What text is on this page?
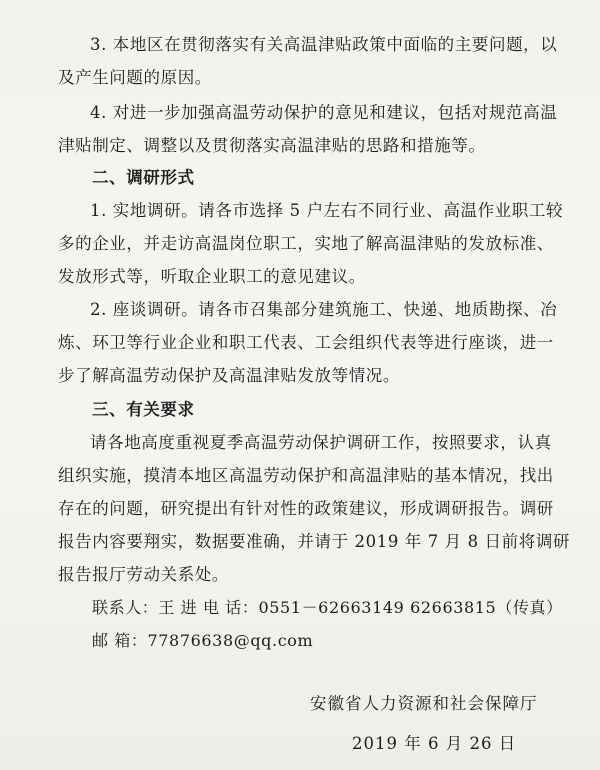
3. 本地区在贯彻落实有关高温津贴政策中面临的主要问题，以
及产生问题的原因。
4. 对进一步加强高温劳动保护的意见和建议，包括对规范高温
津贴制定、调整以及贯彻落实高温津贴的思路和措施等。
二、调研形式
1. 实地调研。请各市选择 5 户左右不同行业、高温作业职工较
多的企业，并走访高温岗位职工，实地了解高温津贴的发放标准、
发放形式等，听取企业职工的意见建议。
2. 座谈调研。请各市召集部分建筑施工、快递、地质勘探、冶
炼、环卫等行业企业和职工代表、工会组织代表等进行座谈，进一
步了解高温劳动保护及高温津贴发放等情况。
三、有关要求
请各地高度重视夏季高温劳动保护调研工作，按照要求，认真
组织实施，摸清本地区高温劳动保护和高温津贴的基本情况，找出
存在的问题，研究提出有针对性的政策建议，形成调研报告。调研
报告内容要翔实，数据要准确，并请于 2019 年 7 月 8 日前将调研
报告报厅劳动关系处。
联系人：王 进 电 话：0551－62663149 62663815（传真）
邮 箱：77876638@qq.com
安徽省人力资源和社会保障厅
2019 年 6 月 26 日
